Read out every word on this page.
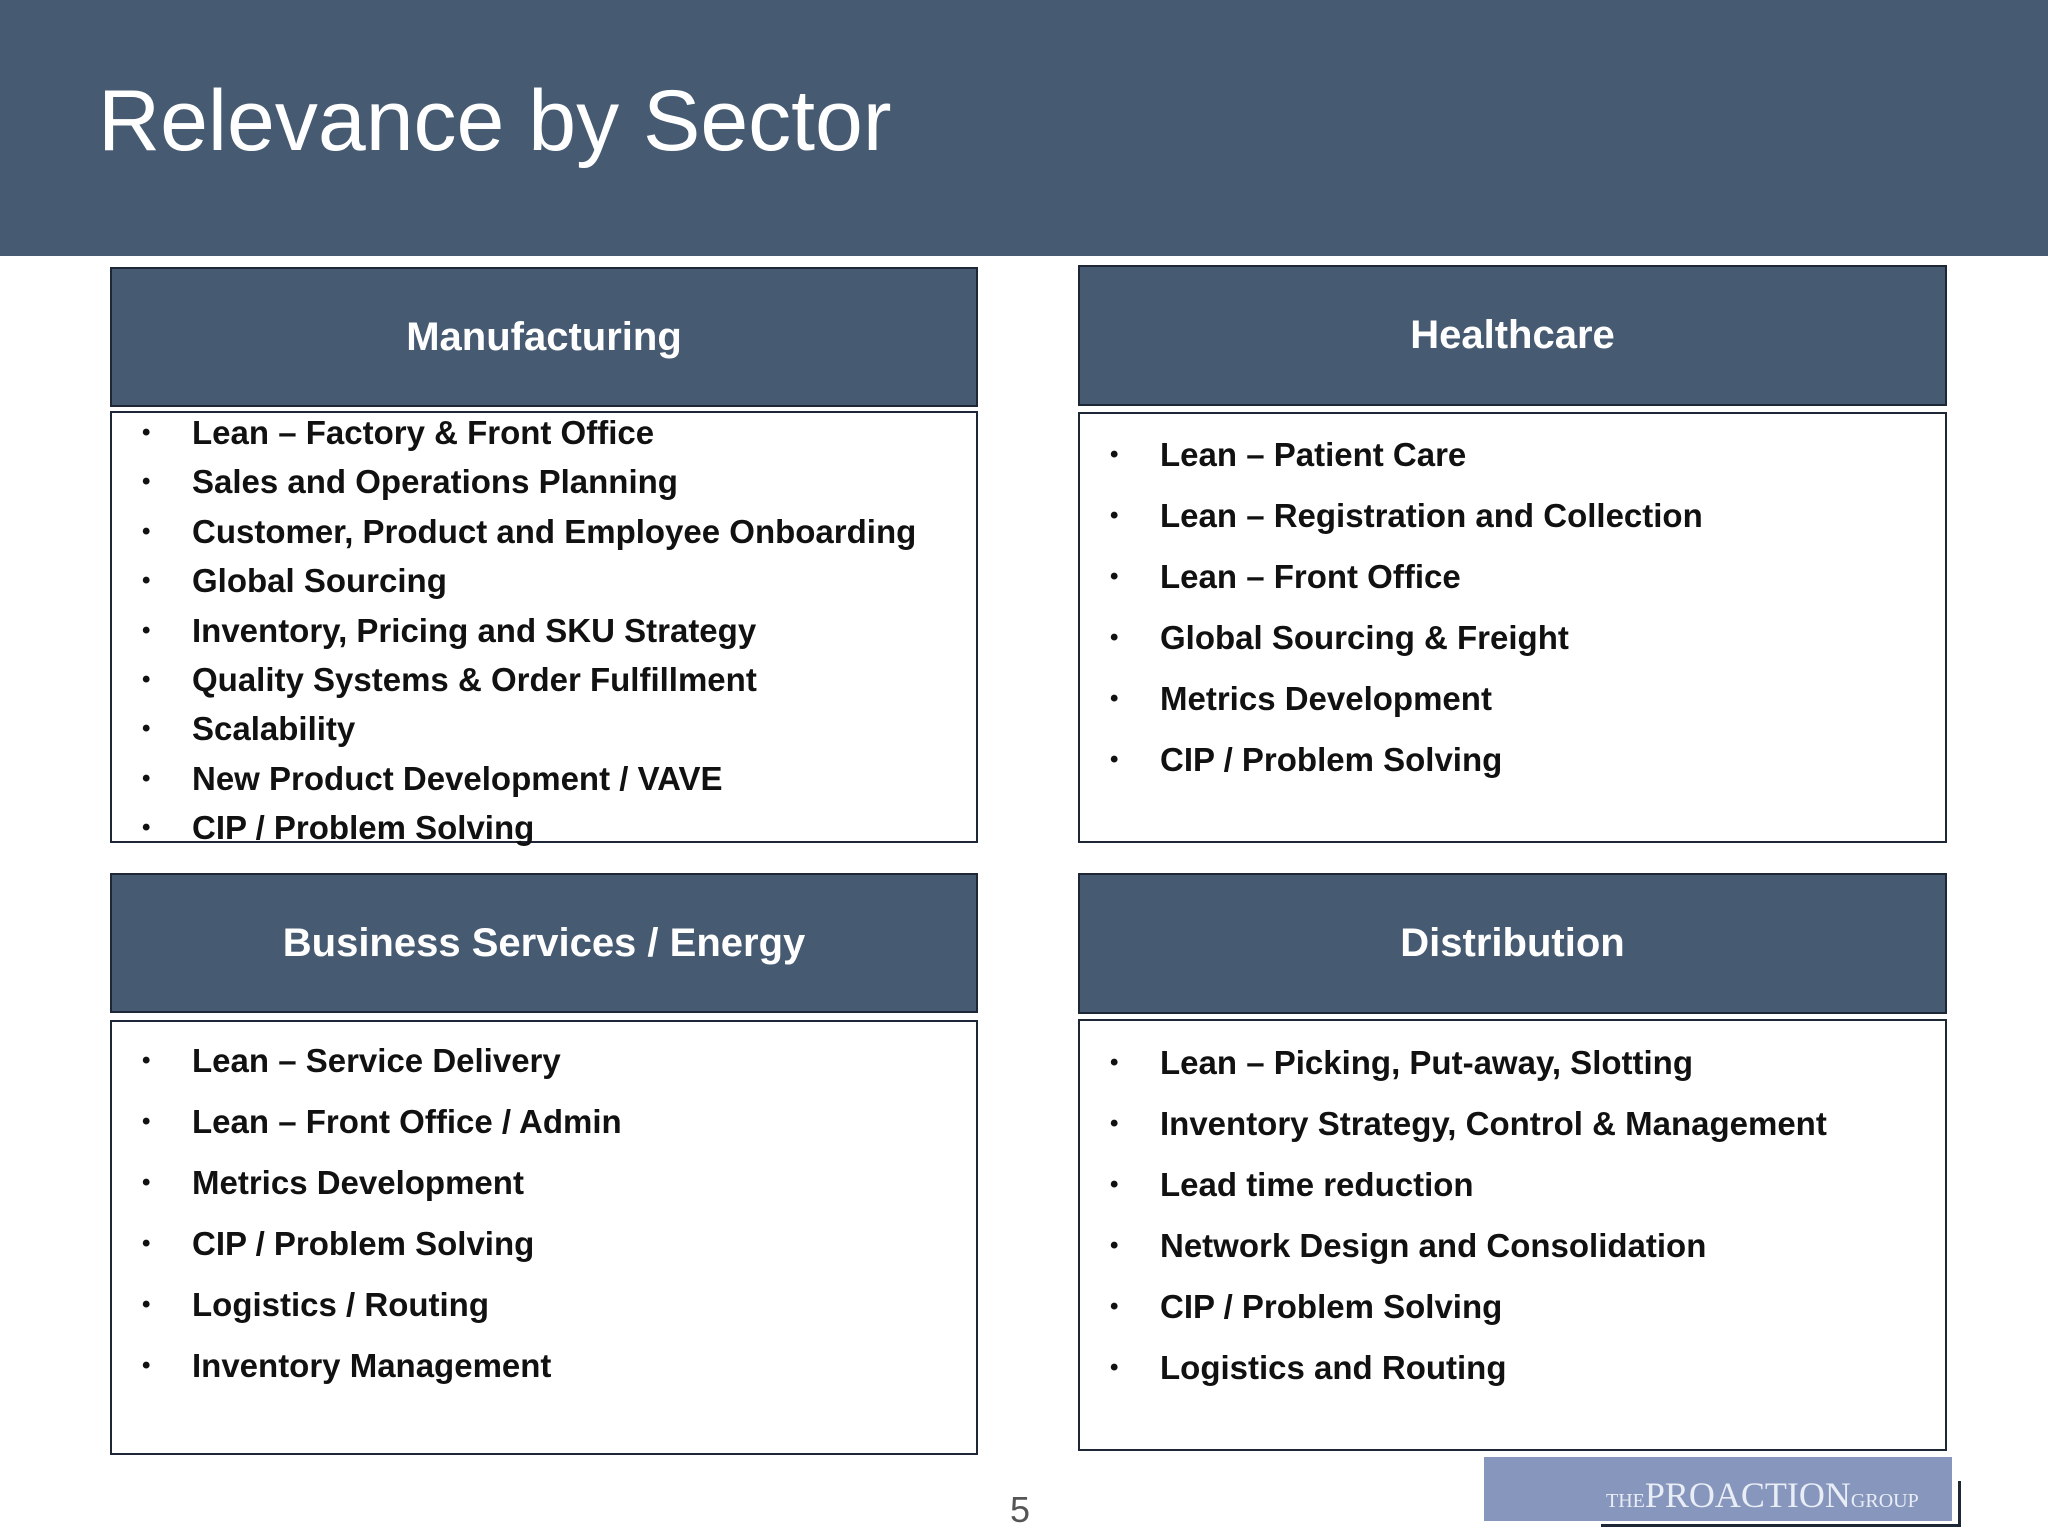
Relevance by Sector
Manufacturing
• Lean – Factory & Front Office
• Sales and Operations Planning
• Customer, Product and Employee Onboarding
• Global Sourcing
• Inventory, Pricing and SKU Strategy
• Quality Systems & Order Fulfillment
• Scalability
• New Product Development / VAVE
• CIP / Problem Solving
Healthcare
• Lean – Patient Care
• Lean – Registration and Collection
• Lean – Front Office
• Global Sourcing & Freight
• Metrics Development
• CIP / Problem Solving
Business Services / Energy
• Lean – Service Delivery
• Lean – Front Office / Admin
• Metrics Development
• CIP / Problem Solving
• Logistics / Routing
• Inventory Management
Distribution
• Lean – Picking, Put-away, Slotting
• Inventory Strategy, Control & Management
• Lead time reduction
• Network Design and Consolidation
• CIP / Problem Solving
• Logistics and Routing
5	THEPROACTIONGROUP
